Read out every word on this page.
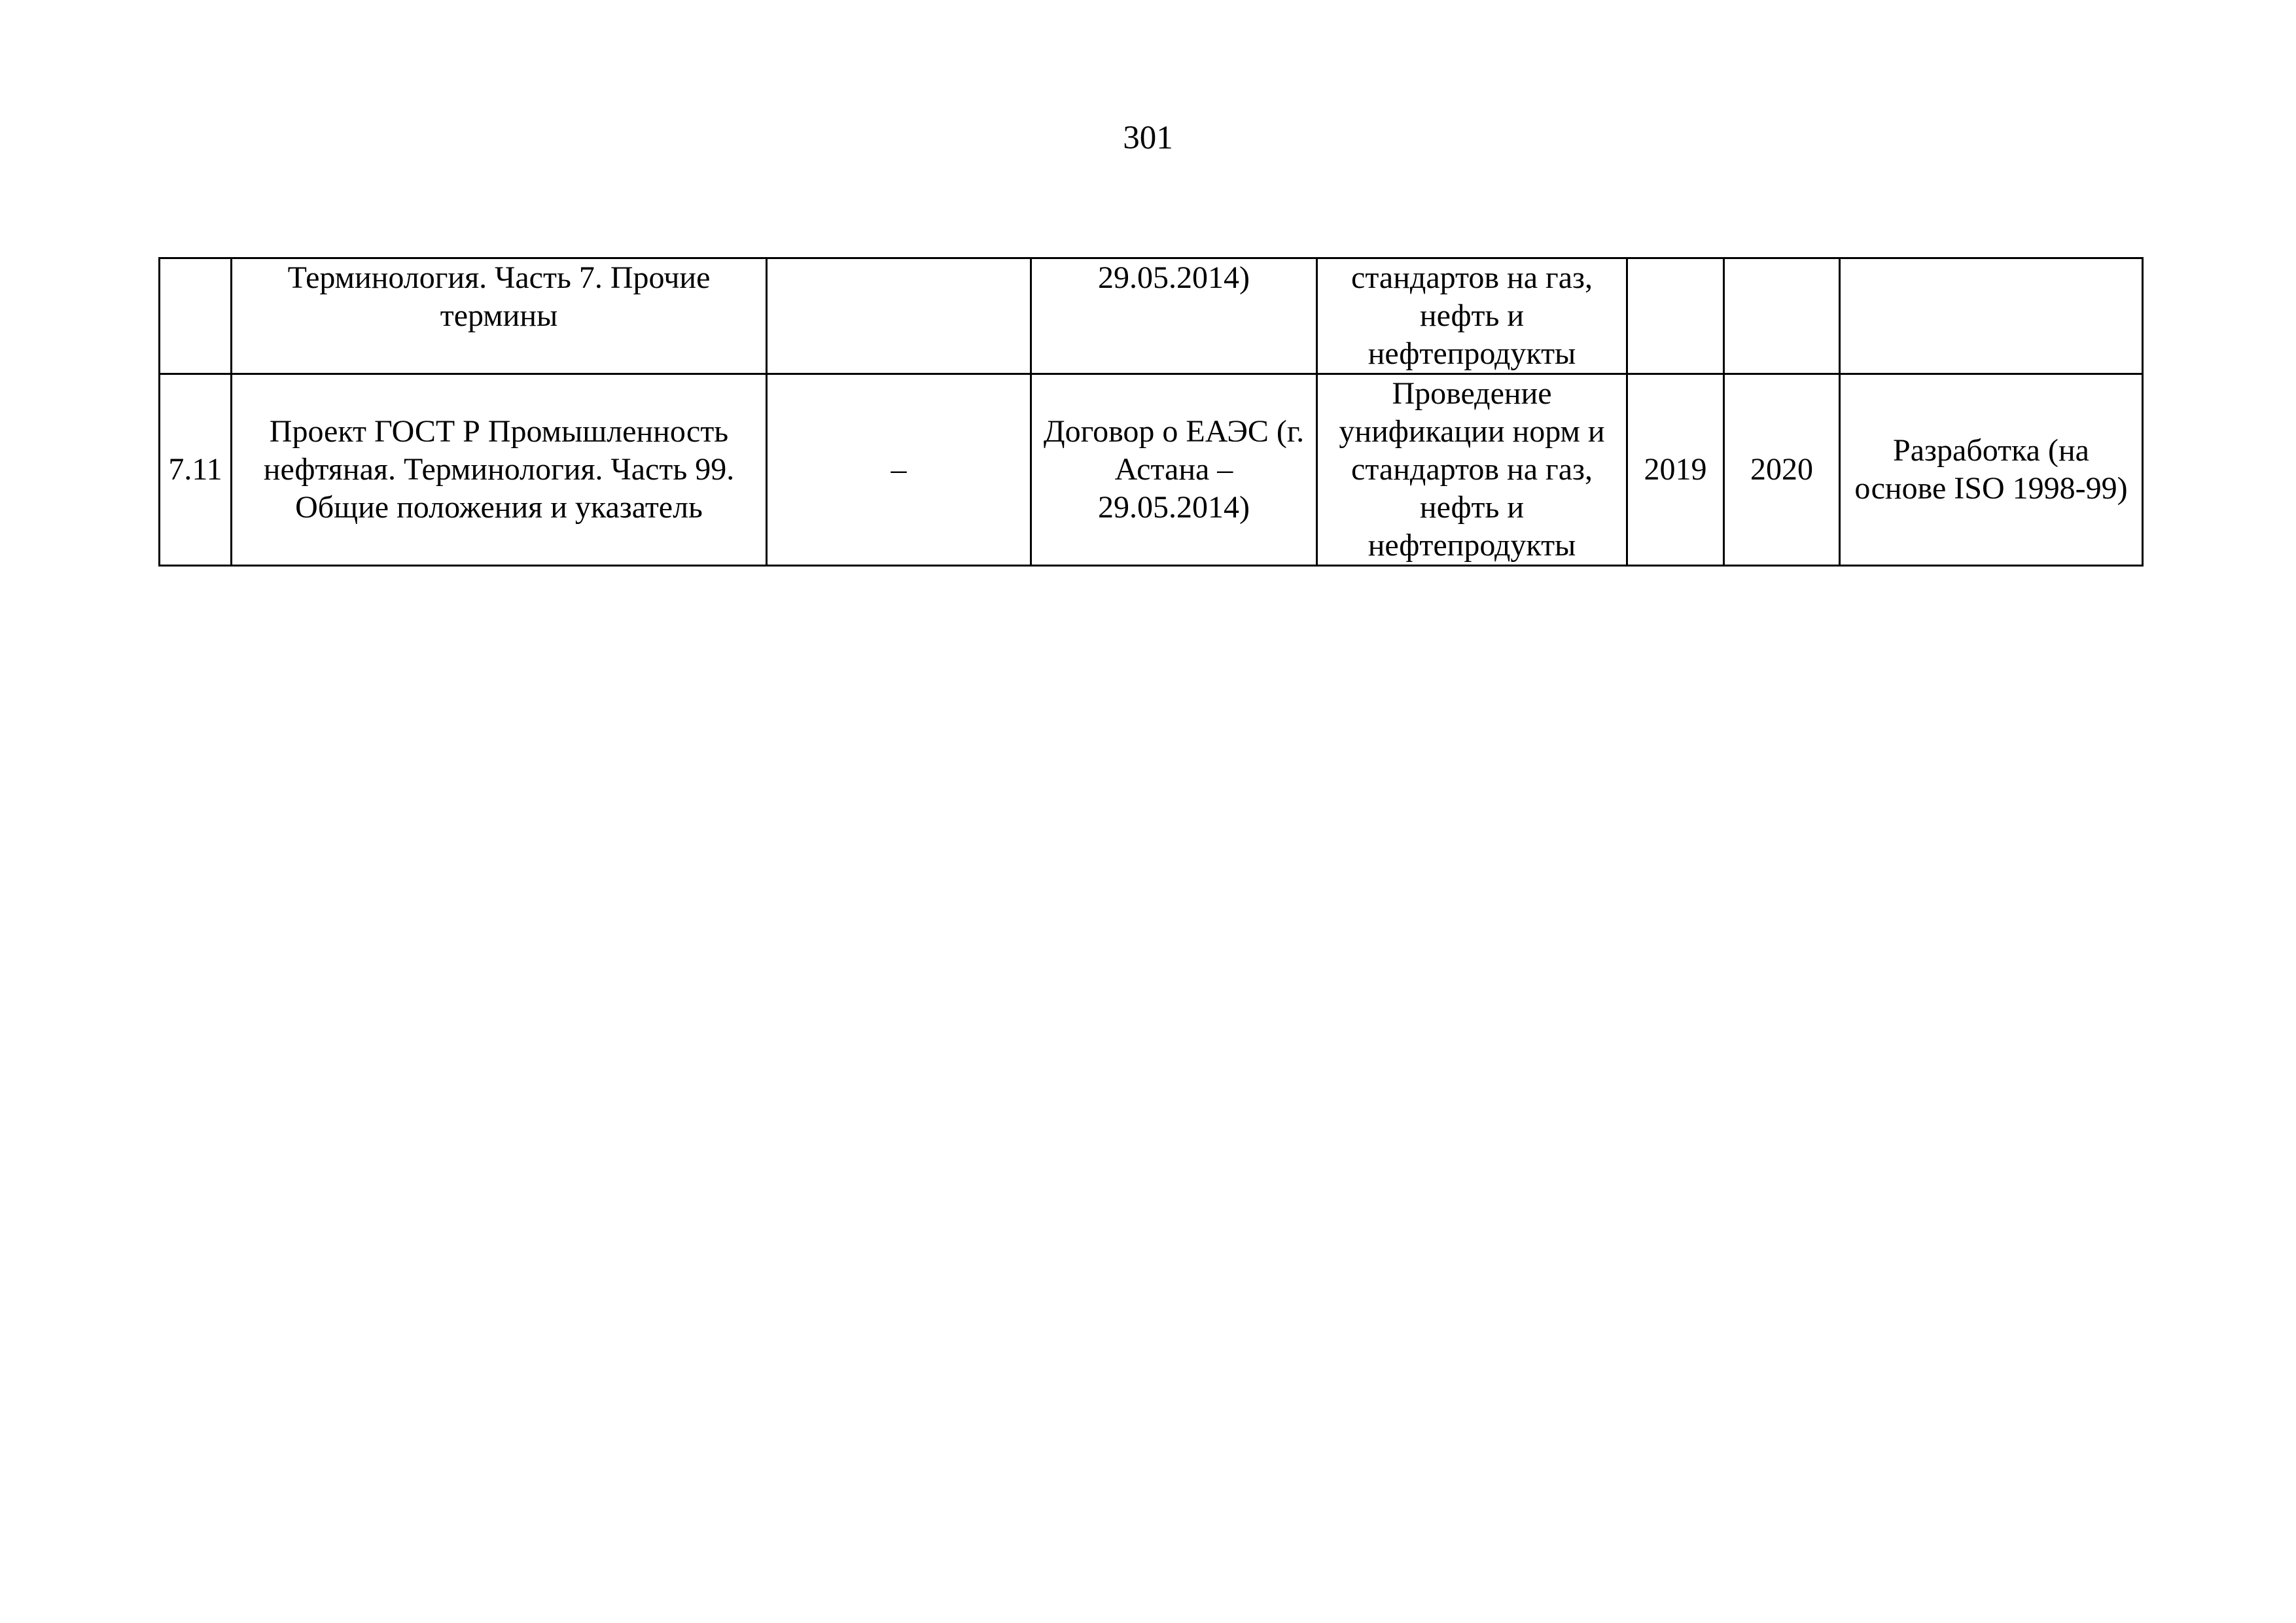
301
	Терминология. Часть 7. Прочие термины		29.05.2014)	стандартов на газ, нефть и нефтепродукты			
7.11	Проект ГОСТ Р Промышленность нефтяная. Терминология. Часть 99. Общие положения и указатель	–	Договор о ЕАЭС (г. Астана – 29.05.2014)	Проведение унификации норм и стандартов на газ, нефть и нефтепродукты	2019	2020	Разработка (на основе ISO 1998-99)
